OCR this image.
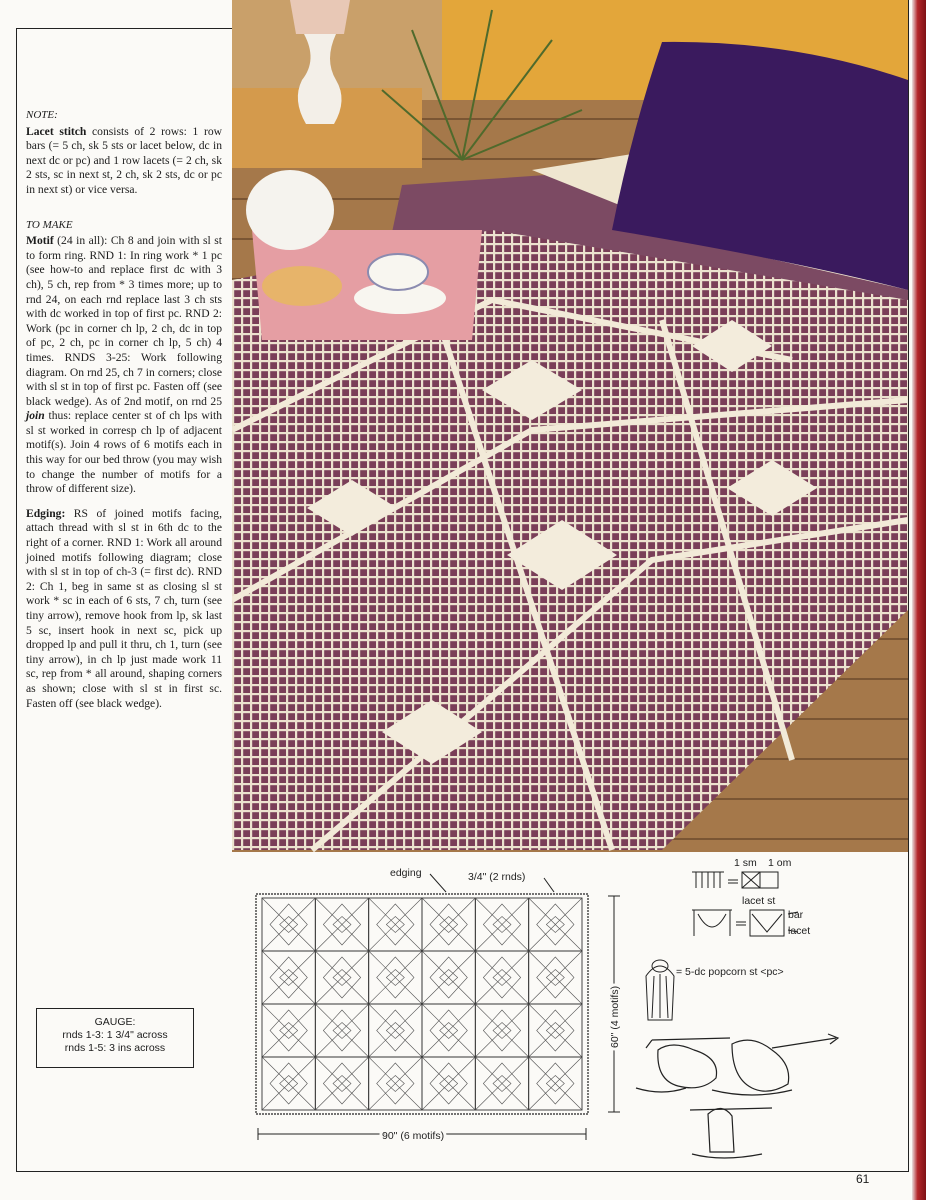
NOTE:
Lacet stitch consists of 2 rows: 1 row bars (= 5 ch, sk 5 sts or lacet below, dc in next dc or pc) and 1 row lacets (= 2 ch, sk 2 sts, sc in next st, 2 ch, sk 2 sts, dc or pc in next st) or vice versa.

TO MAKE
Motif (24 in all): Ch 8 and join with sl st to form ring. RND 1: In ring work * 1 pc (see how-to and replace first dc with 3 ch), 5 ch, rep from * 3 times more; up to rnd 24, on each rnd replace last 3 ch sts with dc worked in top of first pc. RND 2: Work (pc in corner ch lp, 2 ch, dc in top of pc, 2 ch, pc in corner ch lp, 5 ch) 4 times. RNDS 3-25: Work following diagram. On rnd 25, ch 7 in corners; close with sl st in top of first pc. Fasten off (see black wedge). As of 2nd motif, on rnd 25 join thus: replace center st of ch lps with sl st worked in corresp ch lp of adjacent motif(s). Join 4 rows of 6 motifs each in this way for our bed throw (you may wish to change the number of motifs for a throw of different size).

Edging: RS of joined motifs facing, attach thread with sl st in 6th dc to the right of a corner. RND 1: Work all around joined motifs following diagram; close with sl st in top of ch-3 (= first dc). RND 2: Ch 1, beg in same st as closing sl st work * sc in each of 6 sts, 7 ch, turn (see tiny arrow), remove hook from lp, sk last 5 sc, insert hook in next sc, pick up dropped lp and pull it thru, ch 1, turn (see tiny arrow), in ch lp just made work 11 sc, rep from * all around, shaping corners as shown; close with sl st in first sc. Fasten off (see black wedge).

GAUGE:
rnds 1-3: 1 3/4" across
rnds 1-5: 3 ins across
edging	3/4" (2 rnds)
90" (6 motifs)
60" (4 motifs)
1 sm 1 om
lacet st
bar
lacet
= 5-dc popcorn st <pc>
61
